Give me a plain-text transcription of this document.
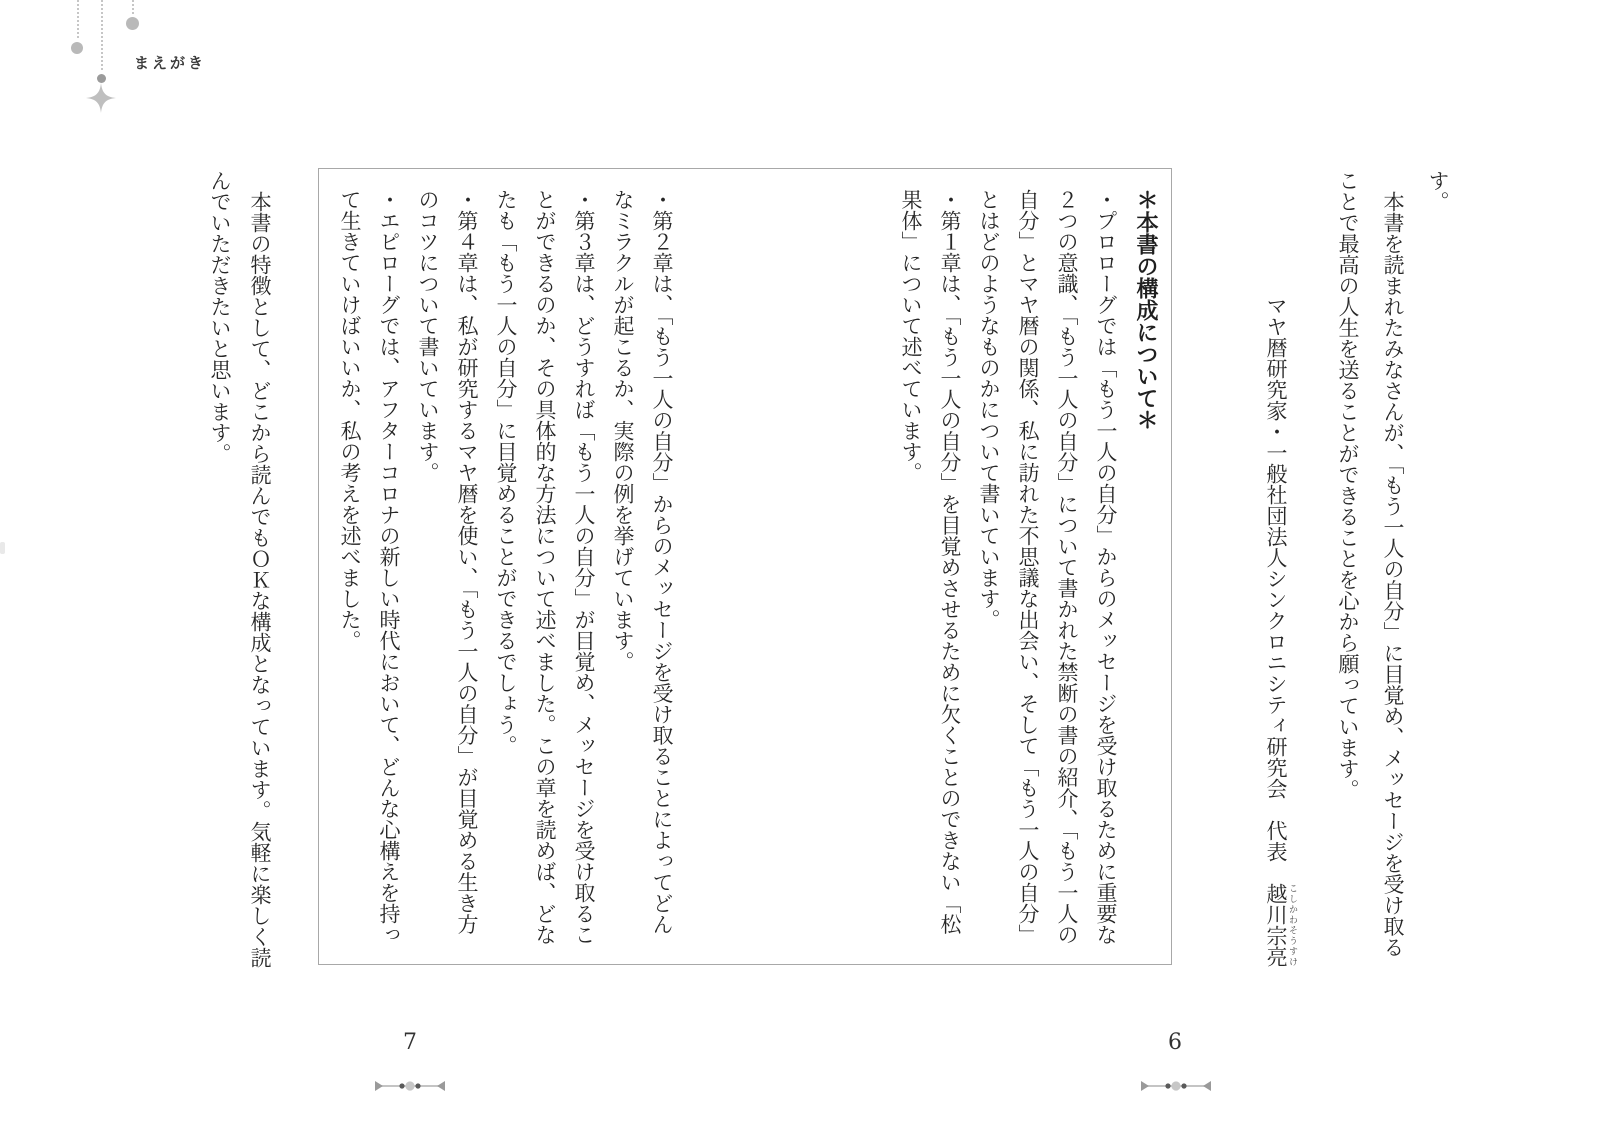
まえがき

す。

　本書を読まれたみなさんが、「もう一人の自分」に目覚め、メッセージを受け取ることで最高の人生を送ることができることを心から願っています。

マヤ暦研究家・一般社団法人シンクロニシティ研究会　代表　越川宗亮 こしかわそうすけ

＊本書の構成について＊

・プロローグでは「もう一人の自分」からのメッセージを受け取るために重要な２つの意識、「もう一人の自分」について書かれた禁断の書の紹介、「もう一人の自分」とマヤ暦の関係、私に訪れた不思議な出会い、そして「もう一人の自分」とはどのようなものかについて書いています。

・第１章は、「もう一人の自分」を目覚めさせるために欠くことのできない「松果体」について述べています。

・第２章は、「もう一人の自分」からのメッセージを受け取ることによってどんなミラクルが起こるか、実際の例を挙げています。

・第３章は、どうすれば「もう一人の自分」が目覚め、メッセージを受け取ることができるのか、その具体的な方法について述べました。この章を読めば、どなたも「もう一人の自分」に目覚めることができるでしょう。

・第４章は、私が研究するマヤ暦を使い、「もう一人の自分」が目覚める生き方のコツについて書いています。

・エピローグでは、アフターコロナの新しい時代において、どんな心構えを持って生きていけばいいか、私の考えを述べました。

　本書の特徴として、どこから読んでもＯＫな構成となっています。気軽に楽しく読んでいただきたいと思います。

7	6
